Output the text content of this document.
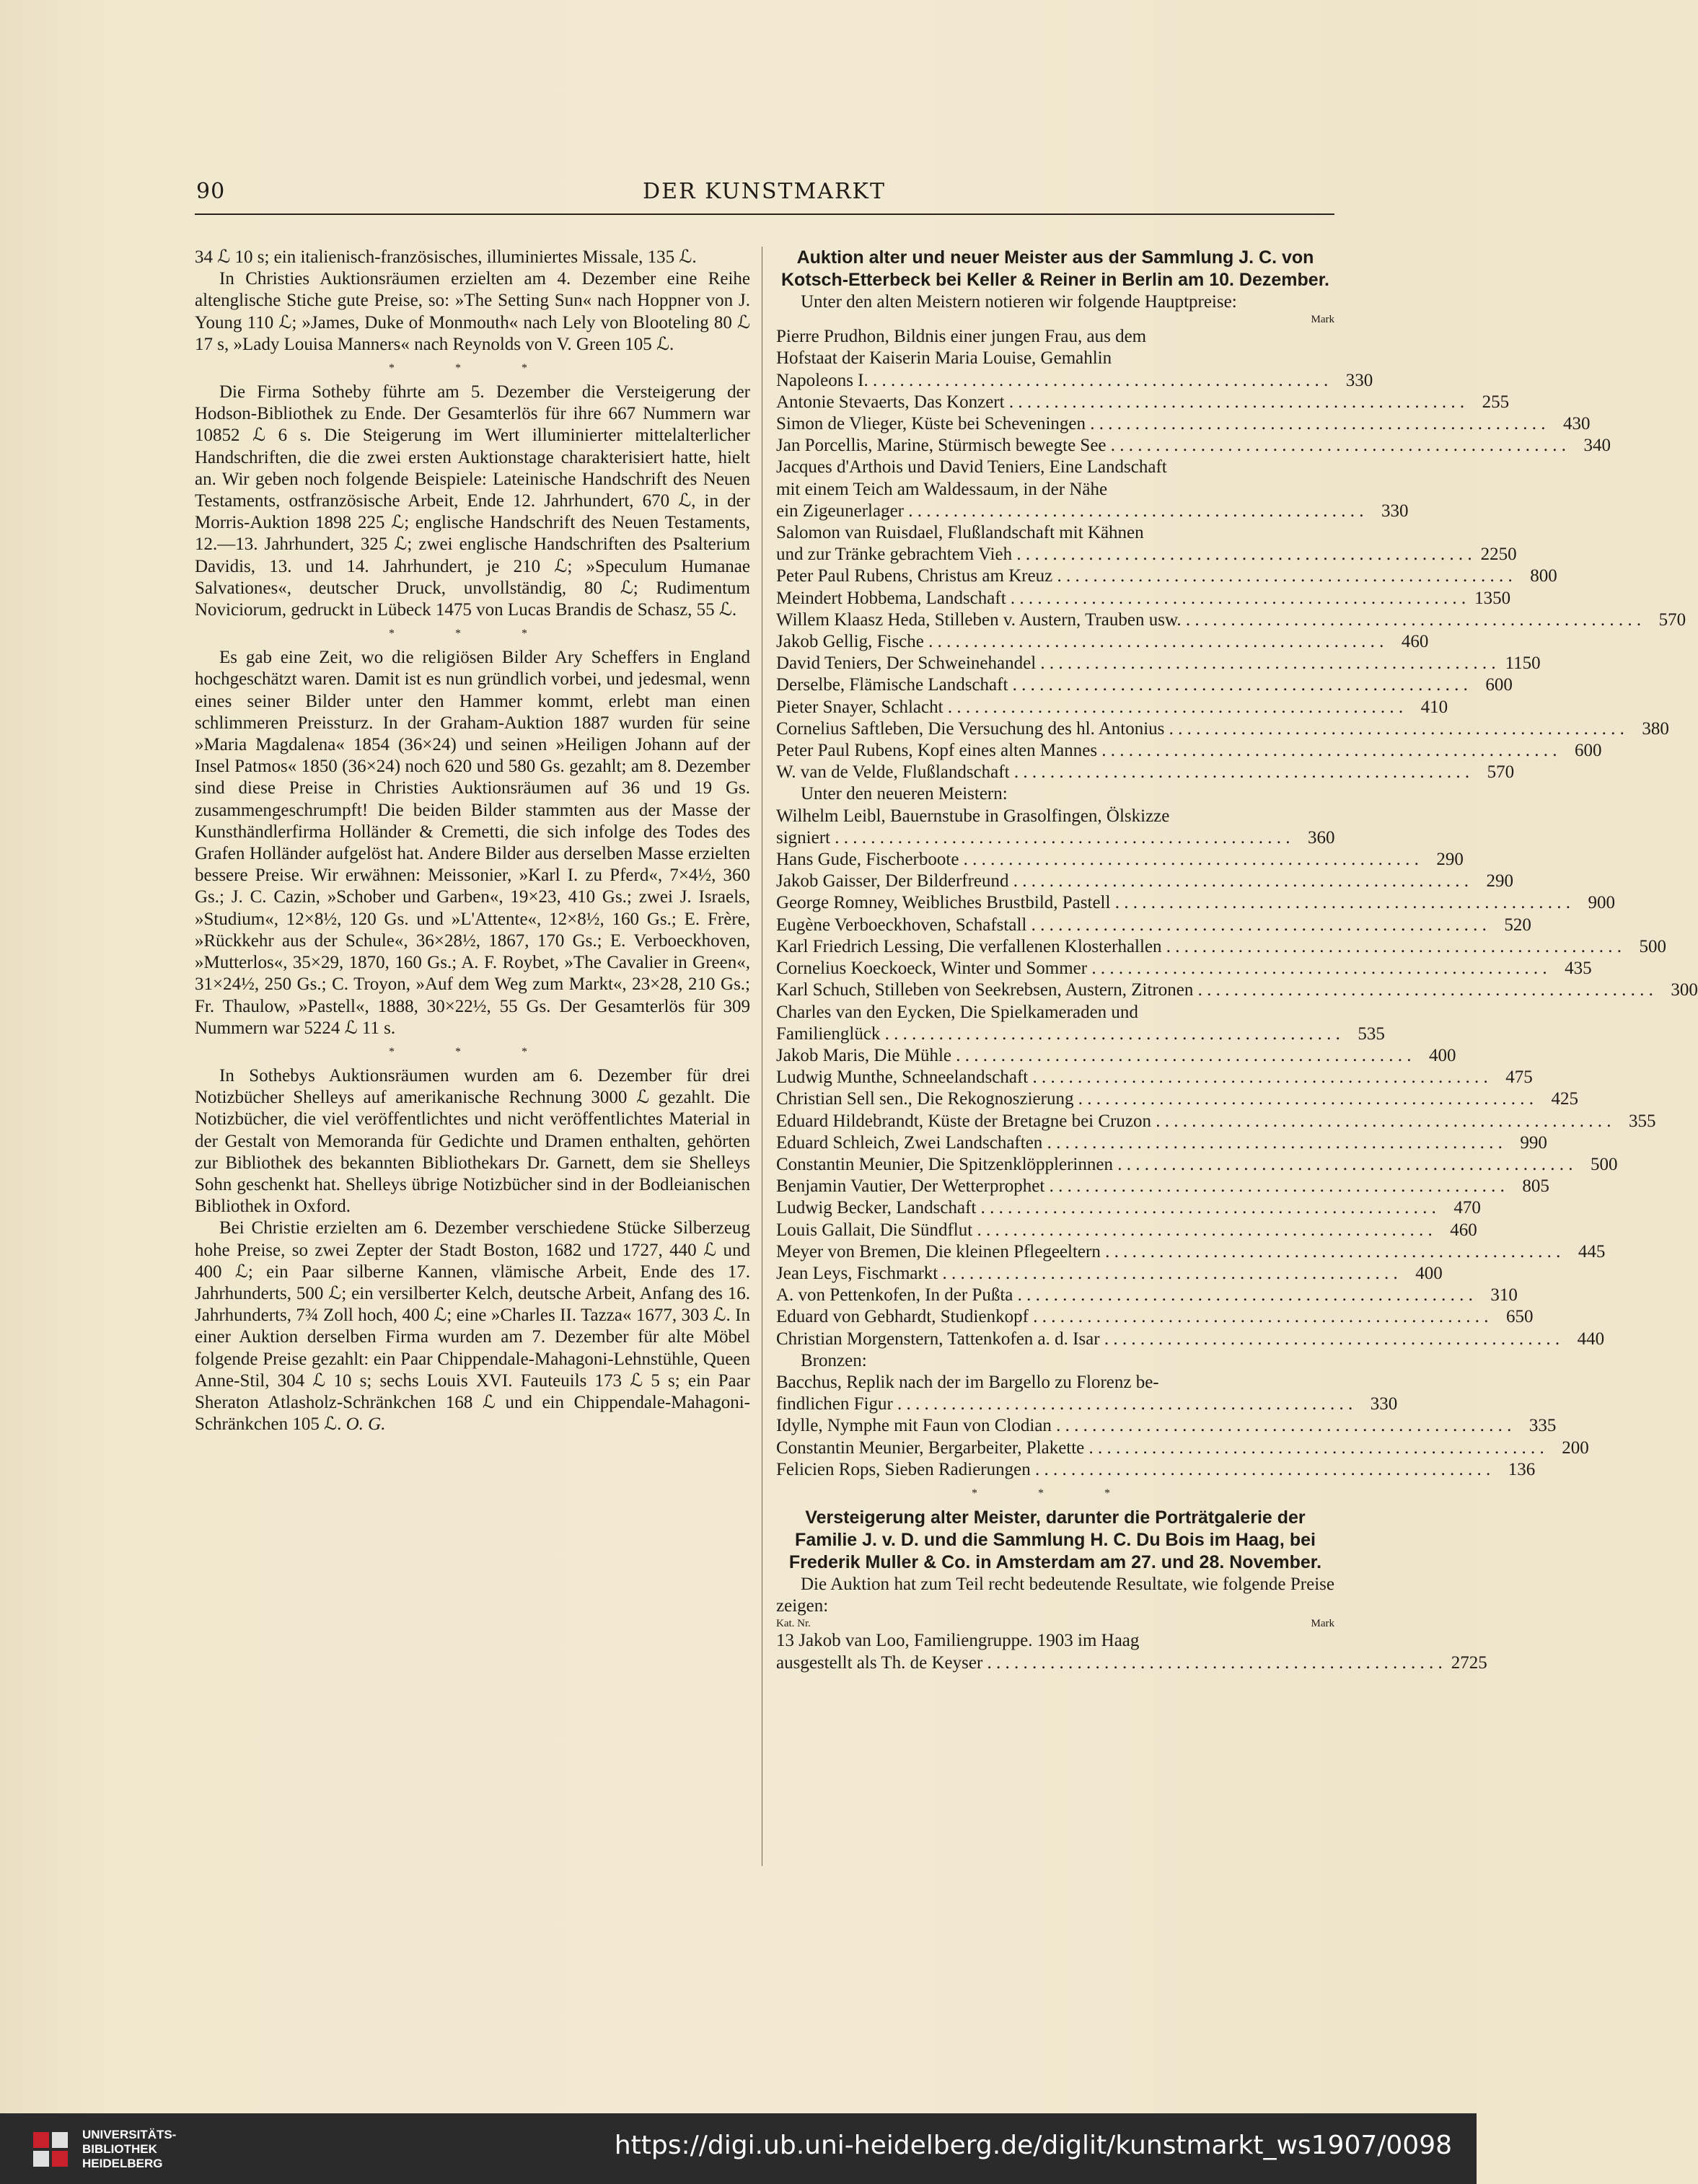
90	DER KUNSTMARKT

34 ℒ 10 s; ein italienisch-französisches, illuminiertes Missale, 135 ℒ.

In Christies Auktionsräumen erzielten am 4. Dezember eine Reihe altenglische Stiche gute Preise, so: »The Setting Sun« nach Hoppner von J. Young 110 ℒ; »James, Duke of Monmouth« nach Lely von Blooteling 80 ℒ 17 s, »Lady Louisa Manners« nach Reynolds von V. Green 105 ℒ.

* * *

Die Firma Sotheby führte am 5. Dezember die Versteigerung der Hodson-Bibliothek zu Ende. Der Gesamterlös für ihre 667 Nummern war 10852 ℒ 6 s. Die Steigerung im Wert illuminierter mittelalterlicher Handschriften, die die zwei ersten Auktionstage charakterisiert hatte, hielt an. Wir geben noch folgende Beispiele: Lateinische Handschrift des Neuen Testaments, ostfranzösische Arbeit, Ende 12. Jahrhundert, 670 ℒ, in der Morris-Auktion 1898 225 ℒ; englische Handschrift des Neuen Testaments, 12.—13. Jahrhundert, 325 ℒ; zwei englische Handschriften des Psalterium Davidis, 13. und 14. Jahrhundert, je 210 ℒ; »Speculum Humanae Salvationes«, deutscher Druck, unvollständig, 80 ℒ; Rudimentum Noviciorum, gedruckt in Lübeck 1475 von Lucas Brandis de Schasz, 55 ℒ.

* * *

Es gab eine Zeit, wo die religiösen Bilder Ary Scheffers in England hochgeschätzt waren. Damit ist es nun gründlich vorbei, und jedesmal, wenn eines seiner Bilder unter den Hammer kommt, erlebt man einen schlimmeren Preissturz. In der Graham-Auktion 1887 wurden für seine »Maria Magdalena« 1854 (36×24) und seinen »Heiligen Johann auf der Insel Patmos« 1850 (36×24) noch 620 und 580 Gs. gezahlt; am 8. Dezember sind diese Preise in Christies Auktionsräumen auf 36 und 19 Gs. zusammengeschrumpft! Die beiden Bilder stammten aus der Masse der Kunsthändlerfirma Holländer & Cremetti, die sich infolge des Todes des Grafen Holländer aufgelöst hat. Andere Bilder aus derselben Masse erzielten bessere Preise. Wir erwähnen: Meissonier, »Karl I. zu Pferd«, 7×4½, 360 Gs.; J. C. Cazin, »Schober und Garben«, 19×23, 410 Gs.; zwei J. Israels, »Studium«, 12×8½, 120 Gs. und »L'Attente«, 12×8½, 160 Gs.; E. Frère, »Rückkehr aus der Schule«, 36×28½, 1867, 170 Gs.; E. Verboeckhoven, »Mutterlos«, 35×29, 1870, 160 Gs.; A. F. Roybet, »The Cavalier in Green«, 31×24½, 250 Gs.; C. Troyon, »Auf dem Weg zum Markt«, 23×28, 210 Gs.; Fr. Thaulow, »Pastell«, 1888, 30×22½, 55 Gs. Der Gesamterlös für 309 Nummern war 5224 ℒ 11 s.

* * *

In Sothebys Auktionsräumen wurden am 6. Dezember für drei Notizbücher Shelleys auf amerikanische Rechnung 3000 ℒ gezahlt. Die Notizbücher, die viel veröffentlichtes und nicht veröffentlichtes Material in der Gestalt von Memoranda für Gedichte und Dramen enthalten, gehörten zur Bibliothek des bekannten Bibliothekars Dr. Garnett, dem sie Shelleys Sohn geschenkt hat. Shelleys übrige Notizbücher sind in der Bodleianischen Bibliothek in Oxford.

Bei Christie erzielten am 6. Dezember verschiedene Stücke Silberzeug hohe Preise, so zwei Zepter der Stadt Boston, 1682 und 1727, 440 ℒ und 400 ℒ; ein Paar silberne Kannen, vlämische Arbeit, Ende des 17. Jahrhunderts, 500 ℒ; ein versilberter Kelch, deutsche Arbeit, Anfang des 16. Jahrhunderts, 7¾ Zoll hoch, 400 ℒ; eine »Charles II. Tazza« 1677, 303 ℒ. In einer Auktion derselben Firma wurden am 7. Dezember für alte Möbel folgende Preise gezahlt: ein Paar Chippendale-Mahagoni-Lehnstühle, Queen Anne-Stil, 304 ℒ 10 s; sechs Louis XVI. Fauteuils 173 ℒ 5 s; ein Paar Sheraton Atlasholz-Schränkchen 168 ℒ und ein Chippendale-Mahagoni-Schränkchen 105 ℒ. O. G.

Auktion alter und neuer Meister aus der Sammlung J. C. von Kotsch-Etterbeck bei Keller & Reiner in Berlin am 10. Dezember.

Unter den alten Meistern notieren wir folgende Hauptpreise:

Mark
Pierre Prudhon, Bildnis einer jungen Frau, aus dem
Hofstaat der Kaiserin Maria Louise, Gemahlin
Napoleons I. . . .	330
Antonie Stevaerts, Das Konzert . . .	255
Simon de Vlieger, Küste bei Scheveningen . . .	430
Jan Porcellis, Marine, Stürmisch bewegte See . . .	340
Jacques d'Arthois und David Teniers, Eine Landschaft
mit einem Teich am Waldessaum, in der Nähe
ein Zigeunerlager . . .	330
Salomon van Ruisdael, Flußlandschaft mit Kähnen
und zur Tränke gebrachtem Vieh . . .	2250
Peter Paul Rubens, Christus am Kreuz . . .	800
Meindert Hobbema, Landschaft . . .	1350
Willem Klaasz Heda, Stilleben v. Austern, Trauben usw. . . .	570
Jakob Gellig, Fische . . .	460
David Teniers, Der Schweinehandel . . .	1150
Derselbe, Flämische Landschaft . . .	600
Pieter Snayer, Schlacht . . .	410
Cornelius Saftleben, Die Versuchung des hl. Antonius . . .	380
Peter Paul Rubens, Kopf eines alten Mannes . . .	600
W. van de Velde, Flußlandschaft . . .	570

Unter den neueren Meistern:

Wilhelm Leibl, Bauernstube in Grasolfingen, Ölskizze
signiert . . .	360
Hans Gude, Fischerboote . . .	290
Jakob Gaisser, Der Bilderfreund . . .	290
George Romney, Weibliches Brustbild, Pastell . . .	900
Eugène Verboeckhoven, Schafstall . . .	520
Karl Friedrich Lessing, Die verfallenen Klosterhallen . . .	500
Cornelius Koeckoeck, Winter und Sommer . . .	435
Karl Schuch, Stilleben von Seekrebsen, Austern, Zitronen . . .	300
Charles van den Eycken, Die Spielkameraden und
Familienglück . . .	535
Jakob Maris, Die Mühle . . .	400
Ludwig Munthe, Schneelandschaft . . .	475
Christian Sell sen., Die Rekognoszierung . . .	425
Eduard Hildebrandt, Küste der Bretagne bei Cruzon . . .	355
Eduard Schleich, Zwei Landschaften . . .	990
Constantin Meunier, Die Spitzenklöpplerinnen . . .	500
Benjamin Vautier, Der Wetterprophet . . .	805
Ludwig Becker, Landschaft . . .	470
Louis Gallait, Die Sündflut . . .	460
Meyer von Bremen, Die kleinen Pflegeeltern . . .	445
Jean Leys, Fischmarkt . . .	400
A. von Pettenkofen, In der Pußta . . .	310
Eduard von Gebhardt, Studienkopf . . .	650
Christian Morgenstern, Tattenkofen a. d. Isar . . .	440

Bronzen:

Bacchus, Replik nach der im Bargello zu Florenz be-
findlichen Figur . . .	330
Idylle, Nymphe mit Faun von Clodian . . .	335
Constantin Meunier, Bergarbeiter, Plakette . . .	200
Felicien Rops, Sieben Radierungen . . .	136
* * *
Versteigerung alter Meister, darunter die Porträtgalerie der Familie J. v. D. und die Sammlung H. C. Du Bois im Haag, bei Frederik Muller & Co. in Amsterdam am 27. und 28. November.

Die Auktion hat zum Teil recht bedeutende Resultate, wie folgende Preise zeigen:

Kat. Nr.	Mark
13 Jakob van Loo, Familiengruppe. 1903 im Haag
ausgestellt als Th. de Keyser . . .	2725
UNIVERSITÄTS-
BIBLIOTHEK
HEIDELBERG
https://digi.ub.uni-heidelberg.de/diglit/kunstmarkt_ws1907/0098
